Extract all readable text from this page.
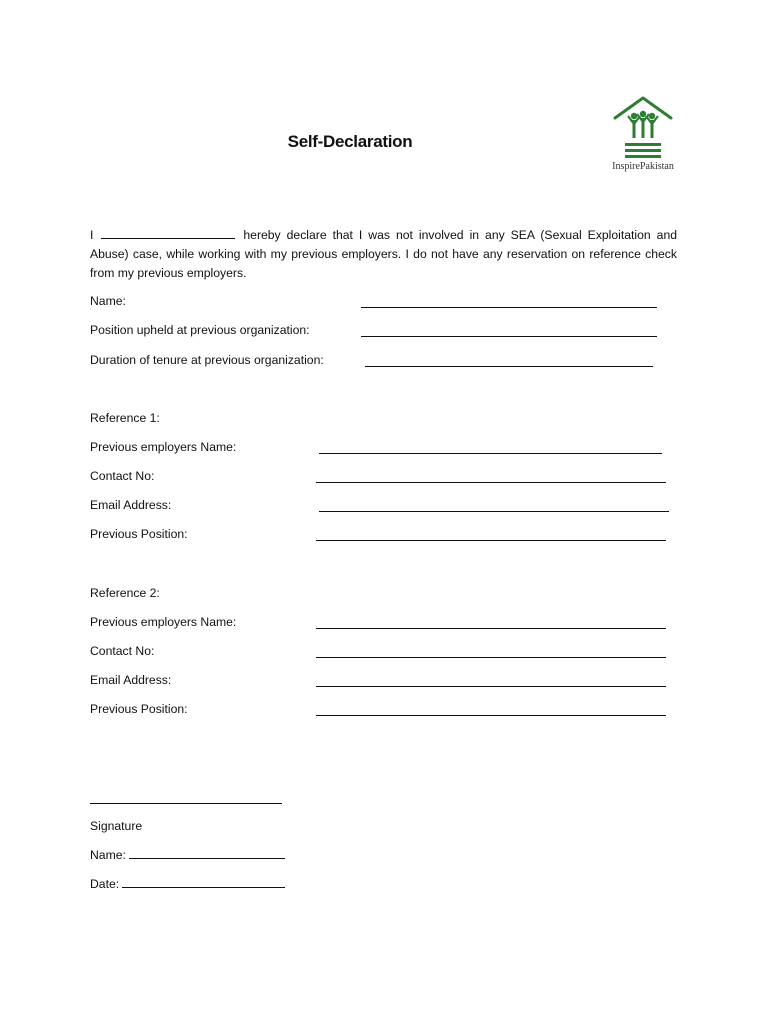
Self-Declaration
InspirePakistan
I	hereby declare that I was not involved in any SEA (Sexual Exploitation and Abuse) case, while working with my previous employers. I do not have any reservation on reference check from my previous employers.
Name:
Position upheld at previous organization:
Duration of tenure at previous organization:
Reference 1:
Previous employers Name:
Contact No:
Email Address:
Previous Position:
Reference 2:
Previous employers Name:
Contact No:
Email Address:
Previous Position:
Signature
Name:
Date:
